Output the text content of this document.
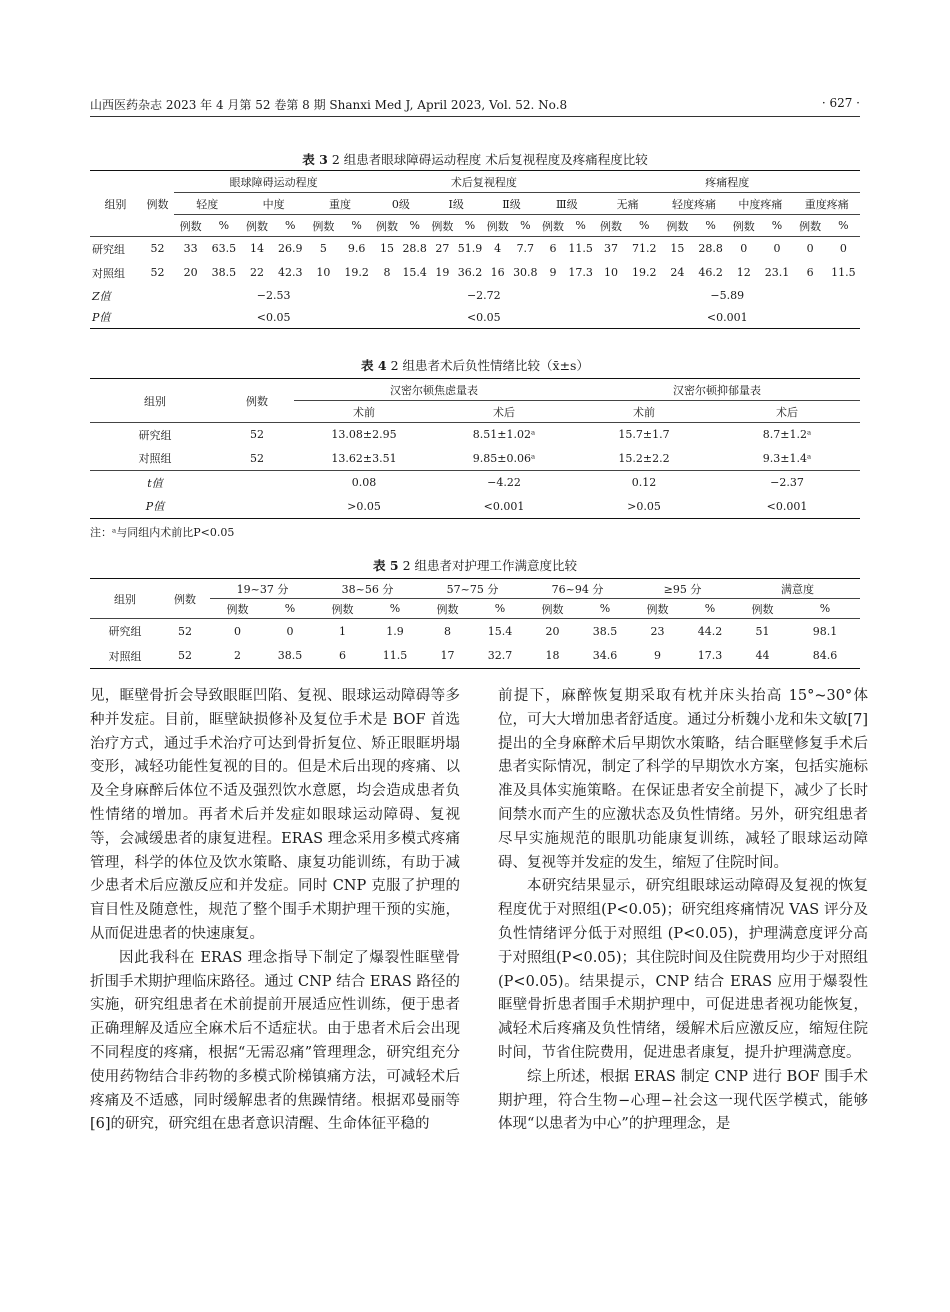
山西医药杂志 2023 年 4 月第 52 卷第 8 期 Shanxi Med J, April 2023, Vol. 52. No.8	· 627 ·
表 3 2 组患者眼球障碍运动程度 术后复视程度及疼痛程度比较
组别	例数	眼球障碍运动程度						术后复视程度								疼痛程度							
		轻度		中度		重度		0级		Ⅰ级		Ⅱ级		Ⅲ级		无痛		轻度疼痛		中度疼痛		重度疼痛	
		例数	%	例数	%	例数	%	例数	%	例数	%	例数	%	例数	%	例数	%	例数	%	例数	%	例数	%
研究组	52	33	63.5	14	26.9	5	9.6	15	28.8	27	51.9	4	7.7	6	11.5	37	71.2	15	28.8	0	0	0	0
对照组	52	20	38.5	22	42.3	10	19.2	8	15.4	19	36.2	16	30.8	9	17.3	10	19.2	24	46.2	12	23.1	6	11.5
Z值		−2.53						−2.72								−5.89							
P值		<0.05						<0.05								<0.001							
表 4 2 组患者术后负性情绪比较（x̄±s）
组别	例数	汉密尔顿焦虑量表		汉密尔顿抑郁量表	
		术前	术后	术前	术后
研究组	52	13.08±2.95	8.51±1.02ᵃ	15.7±1.7	8.7±1.2ᵃ
对照组	52	13.62±3.51	9.85±0.06ᵃ	15.2±2.2	9.3±1.4ᵃ
t值		0.08	−4.22	0.12	−2.37
P值		>0.05	<0.001	>0.05	<0.001
注：ᵃ与同组内术前比P<0.05
表 5 2 组患者对护理工作满意度比较
组别	例数	19~37 分		38~56 分		57~75 分		76~94 分		≥95 分		满意度	
		例数	%	例数	%	例数	%	例数	%	例数	%	例数	%
研究组	52	0	0	1	1.9	8	15.4	20	38.5	23	44.2	51	98.1
对照组	52	2	38.5	6	11.5	17	32.7	18	34.6	9	17.3	44	84.6

见，眶壁骨折会导致眼眶凹陷、复视、眼球运动障碍等多种并发症。目前，眶壁缺损修补及复位手术是 BOF 首选治疗方式，通过手术治疗可达到骨折复位、矫正眼眶坍塌变形，减轻功能性复视的目的。但是术后出现的疼痛、以及全身麻醉后体位不适及强烈饮水意愿，均会造成患者负性情绪的增加。再者术后并发症如眼球运动障碍、复视等，会减缓患者的康复进程。ERAS 理念采用多模式疼痛管理，科学的体位及饮水策略、康复功能训练，有助于减少患者术后应激反应和并发症。同时 CNP 克服了护理的盲目性及随意性，规范了整个围手术期护理干预的实施，从而促进患者的快速康复。

因此我科在 ERAS 理念指导下制定了爆裂性眶壁骨折围手术期护理临床路径。通过 CNP 结合 ERAS 路径的实施，研究组患者在术前提前开展适应性训练，便于患者正确理解及适应全麻术后不适症状。由于患者术后会出现不同程度的疼痛，根据“无需忍痛”管理理念，研究组充分使用药物结合非药物的多模式阶梯镇痛方法，可减轻术后疼痛及不适感，同时缓解患者的焦躁情绪。根据邓曼丽等[6]的研究，研究组在患者意识清醒、生命体征平稳的

前提下，麻醉恢复期采取有枕并床头抬高 15°~30°体位，可大大增加患者舒适度。通过分析魏小龙和朱文敏[7]提出的全身麻醉术后早期饮水策略，结合眶壁修复手术后患者实际情况，制定了科学的早期饮水方案，包括实施标准及具体实施策略。在保证患者安全前提下，减少了长时间禁水而产生的应激状态及负性情绪。另外，研究组患者尽早实施规范的眼肌功能康复训练，减轻了眼球运动障碍、复视等并发症的发生，缩短了住院时间。

本研究结果显示，研究组眼球运动障碍及复视的恢复程度优于对照组(P<0.05)；研究组疼痛情况 VAS 评分及负性情绪评分低于对照组 (P<0.05)，护理满意度评分高于对照组(P<0.05)；其住院时间及住院费用均少于对照组(P<0.05)。结果提示，CNP 结合 ERAS 应用于爆裂性眶壁骨折患者围手术期护理中，可促进患者视功能恢复，减轻术后疼痛及负性情绪，缓解术后应激反应，缩短住院时间，节省住院费用，促进患者康复，提升护理满意度。

综上所述，根据 ERAS 制定 CNP 进行 BOF 围手术期护理，符合生物−心理−社会这一现代医学模式，能够体现“以患者为中心”的护理理念，是
